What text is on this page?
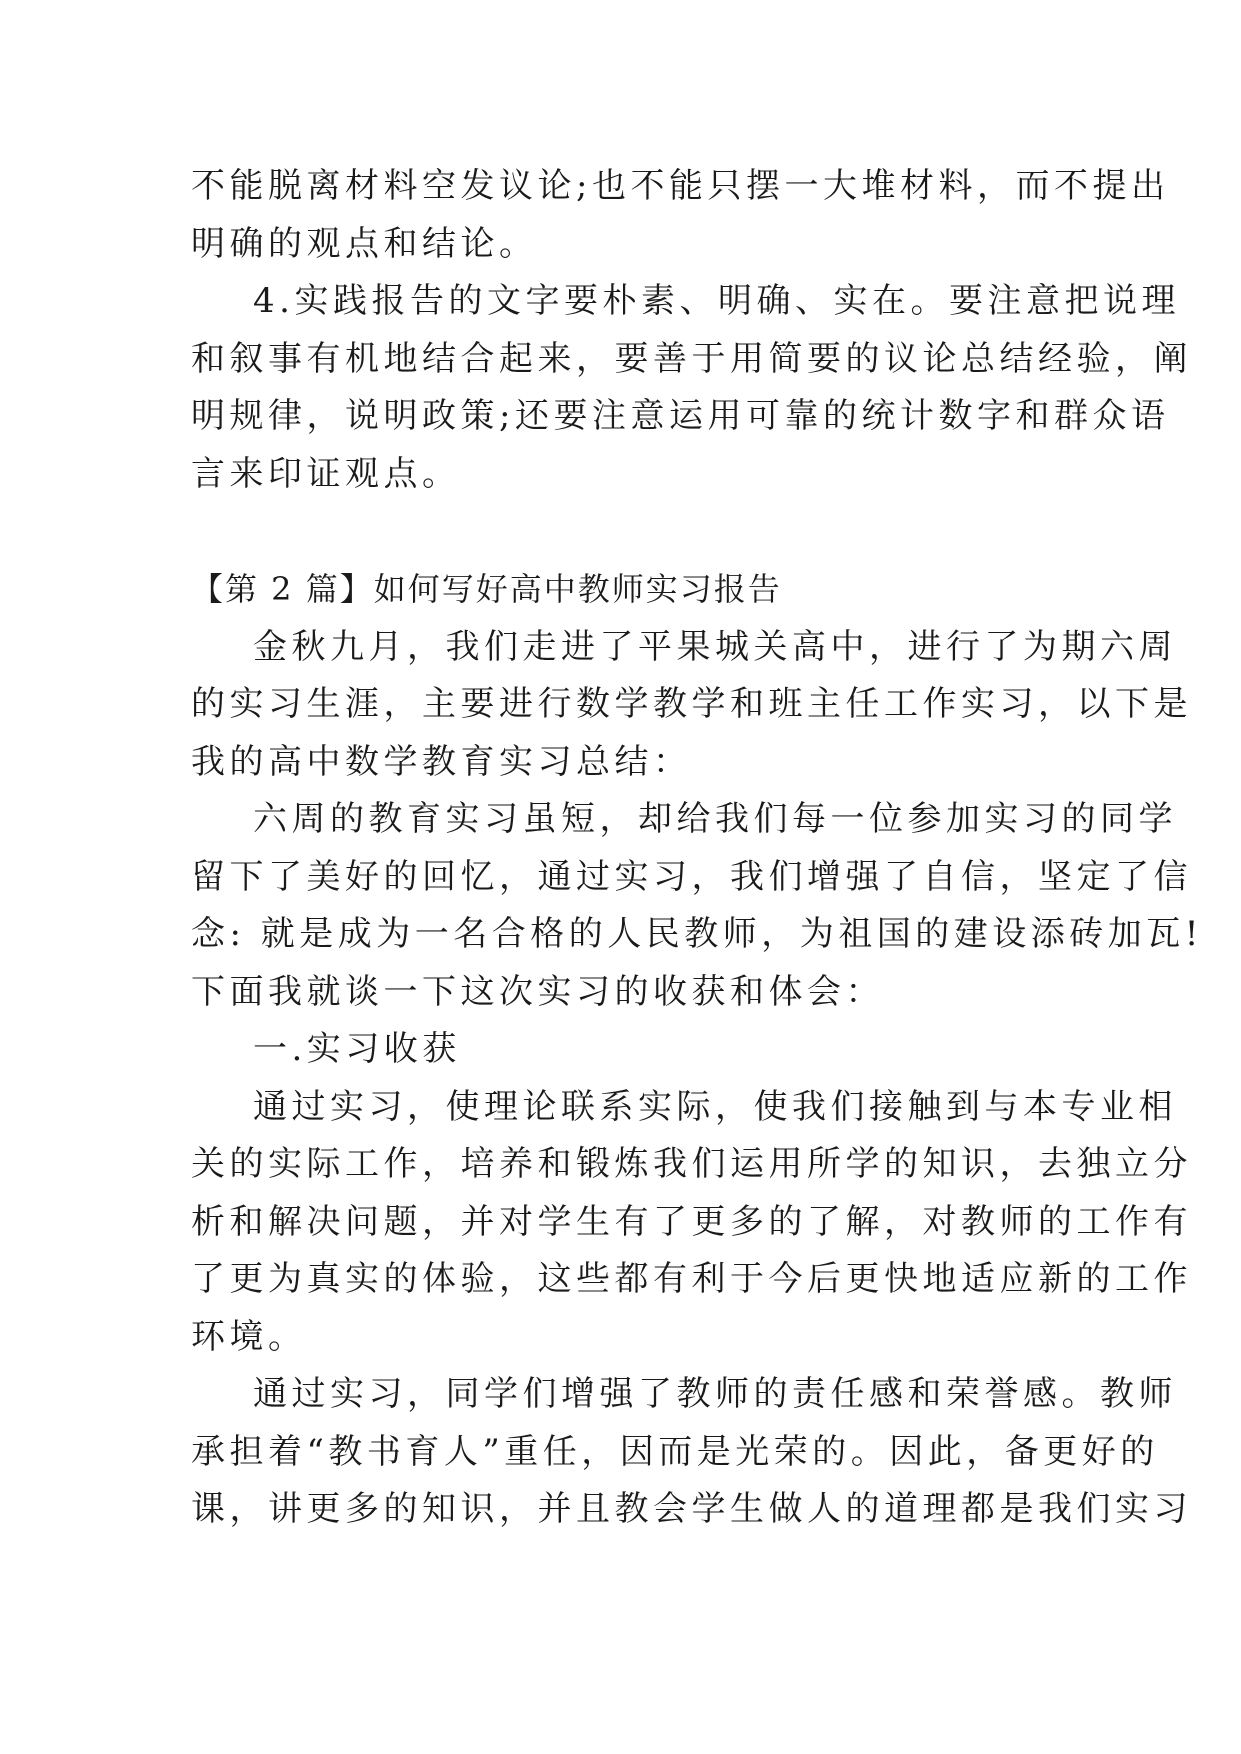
不能脱离材料空发议论;也不能只摆一大堆材料，而不提出
明确的观点和结论。
4.实践报告的文字要朴素、明确、实在。要注意把说理
和叙事有机地结合起来，要善于用简要的议论总结经验，阐
明规律，说明政策;还要注意运用可靠的统计数字和群众语
言来印证观点。
【第 2 篇】如何写好高中教师实习报告
金秋九月，我们走进了平果城关高中，进行了为期六周
的实习生涯，主要进行数学教学和班主任工作实习，以下是
我的高中数学教育实习总结：
六周的教育实习虽短，却给我们每一位参加实习的同学
留下了美好的回忆，通过实习，我们增强了自信，坚定了信
念: 就是成为一名合格的人民教师，为祖国的建设添砖加瓦!
下面我就谈一下这次实习的收获和体会：
一.实习收获
通过实习，使理论联系实际，使我们接触到与本专业相
关的实际工作，培养和锻炼我们运用所学的知识，去独立分
析和解决问题，并对学生有了更多的了解，对教师的工作有
了更为真实的体验，这些都有利于今后更快地适应新的工作
环境。
通过实习，同学们增强了教师的责任感和荣誉感。教师
承担着“教书育人”重任，因而是光荣的。因此，备更好的
课，讲更多的知识，并且教会学生做人的道理都是我们实习
